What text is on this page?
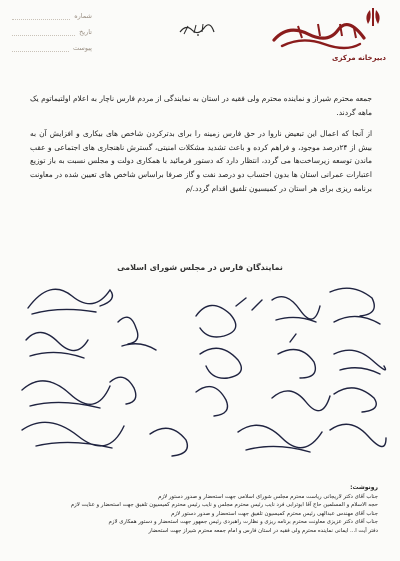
شماره
تاریخ
پیوست
دبیرخانه مرکزی

جمعه محترم شیراز و نماینده محترم ولی فقیه در استان به نمایندگی از مردم فارس ناچار به اعلام اولتیماتوم یک ماهه گردند.

از آنجا که اعمال این تبعیض ناروا در حق فارس زمینه را برای بدترکردن شاخص های بیکاری و افزایش آن به بیش از ۲۴درصد موجود، و فراهم کرده و باعث تشدید مشکلات امنیتی، گسترش ناهنجاری های اجتماعی و عقب ماندن توسعه زیرساخت‌ها می گردد، انتظار دارد که دستور فرمائید با همکاری دولت و مجلس نسبت به باز توزیع اعتبارات عمرانی استان ها بدون احتساب دو درصد نفت و گاز صرفا براساس شاخص های تعیین شده در معاونت برنامه ریزی برای هر استان در کمیسیون تلفیق اقدام گردد./م

نمایندگان فارس در مجلس شورای اسلامی
رونوشت:
جناب آقای دکتر لاریجانی ریاست محترم مجلس شورای اسلامی جهت استحضار و صدور دستور لازم
حجه الاسلام و المسلمین حاج آقا ابوترابی فرد نایب رئیس محترم مجلس و نایب رئیس محترم کمیسیون تلفیق جهت استحضار و عنایت لازم
جناب آقای مهندس عبدالهی رئیس محترم کمیسیون تلفیق جهت استحضار و صدور دستور لازم
جناب آقای دکتر عزیزی معاونت محترم برنامه ریزی و نظارت راهبردی رئیس جمهور جهت استحضار و دستور همکاری لازم
دفتر آیت ا... ایمانی نماینده محترم ولی فقیه در استان فارس و امام جمعه محترم شیراز جهت استحضار
